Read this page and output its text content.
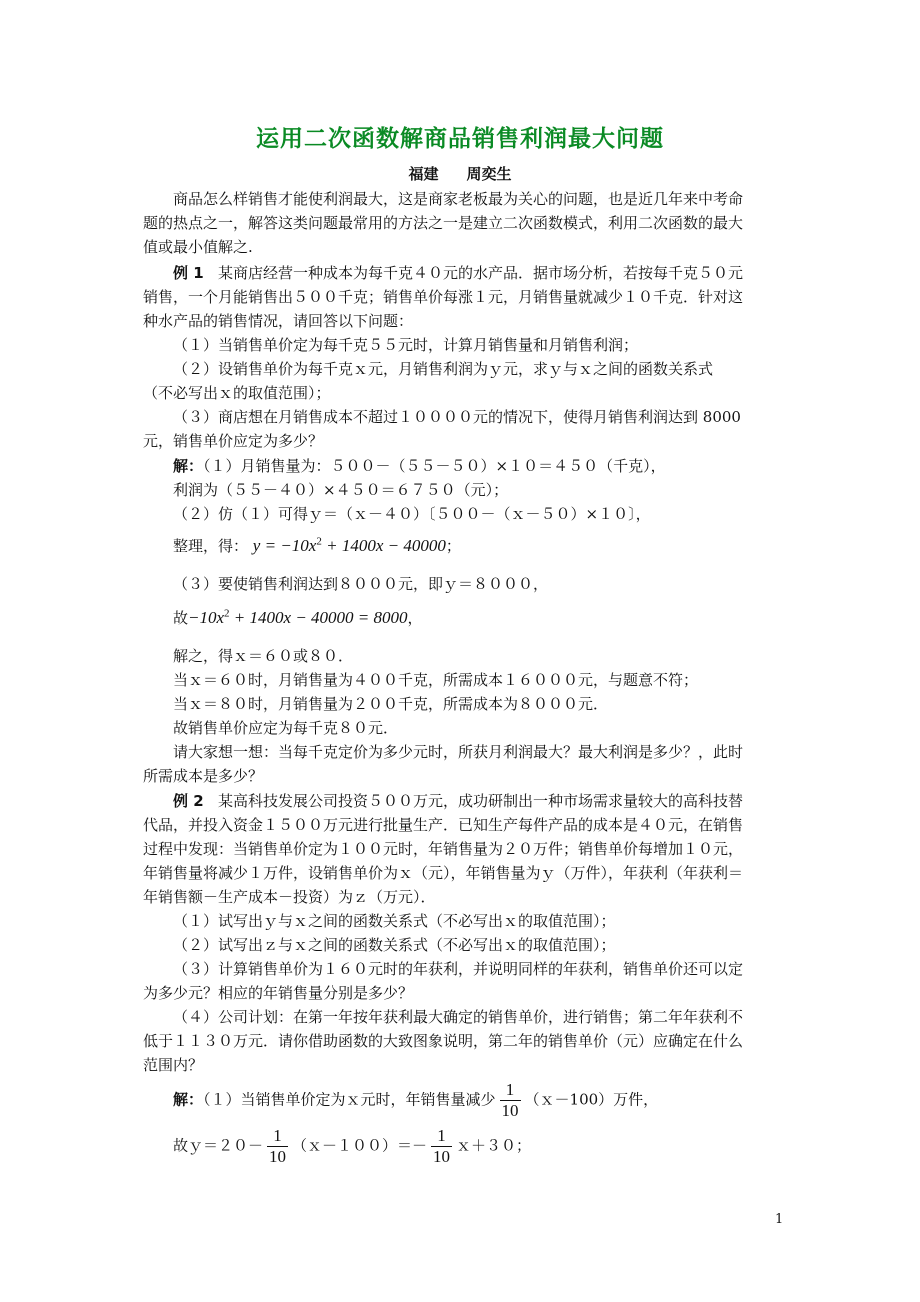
运用二次函数解商品销售利润最大问题
福建 周奕生
商品怎么样销售才能使利润最大，这是商家老板最为关心的问题，也是近几年来中考命
题的热点之一，解答这类问题最常用的方法之一是建立二次函数模式，利用二次函数的最大
值或最小值解之.
例 1 某商店经营一种成本为每千克４０元的水产品．据市场分析，若按每千克５０元
销售，一个月能销售出５００千克；销售单价每涨１元，月销售量就减少１０千克．针对这
种水产品的销售情况，请回答以下问题：
（１）当销售单价定为每千克５５元时，计算月销售量和月销售利润；
（２）设销售单价为每千克ｘ元，月销售利润为ｙ元，求ｙ与ｘ之间的函数关系式
（不必写出ｘ的取值范围）；
（３）商店想在月销售成本不超过１００００元的情况下，使得月销售利润达到 8000
元，销售单价应定为多少？
解：（１）月销售量为：５００－（５５－５０）×１０＝４５０（千克），
利润为（５５－４０）×４５０＝６７５０（元）；
（２）仿（１）可得ｙ＝（ｘ－４０）〔５００－（ｘ－５０）×１０〕，
整理，得： $y = -10x^2 + 1400x - 40000$；
（３）要使销售利润达到８０００元，即ｙ＝８０００，
故$-10x^2 + 1400x - 40000 = 8000$，
解之，得ｘ＝６０或８０．
当ｘ＝６０时，月销售量为４００千克，所需成本１６０００元，与题意不符；
当ｘ＝８０时，月销售量为２００千克，所需成本为８０００元．
故销售单价应定为每千克８０元．
请大家想一想：当每千克定价为多少元时，所获月利润最大？最大利润是多少？，此时
所需成本是多少？
例 2 某高科技发展公司投资５００万元，成功研制出一种市场需求量较大的高科技替
代品，并投入资金１５００万元进行批量生产．已知生产每件产品的成本是４０元，在销售
过程中发现：当销售单价定为１００元时，年销售量为２０万件；销售单价每增加１０元，
年销售量将减少１万件，设销售单价为ｘ（元），年销售量为ｙ（万件），年获利（年获利＝
年销售额－生产成本－投资）为ｚ（万元）．
（１）试写出ｙ与ｘ之间的函数关系式（不必写出ｘ的取值范围）；
（２）试写出ｚ与ｘ之间的函数关系式（不必写出ｘ的取值范围）；
（３）计算销售单价为１６０元时的年获利，并说明同样的年获利，销售单价还可以定
为多少元？相应的年销售量分别是多少？
（４）公司计划：在第一年按年获利最大确定的销售单价，进行销售；第二年年获利不
低于１１３０万元．请你借助函数的大致图象说明，第二年的销售单价（元）应确定在什么
范围内？
解：（１）当销售单价定为ｘ元时，年销售量减少 $\frac{1}{10}$ （ｘ－100）万件，
故ｙ＝２０－ $\frac{1}{10}$ （ｘ－１００）＝－ $\frac{1}{10}$ ｘ＋３０；
1
